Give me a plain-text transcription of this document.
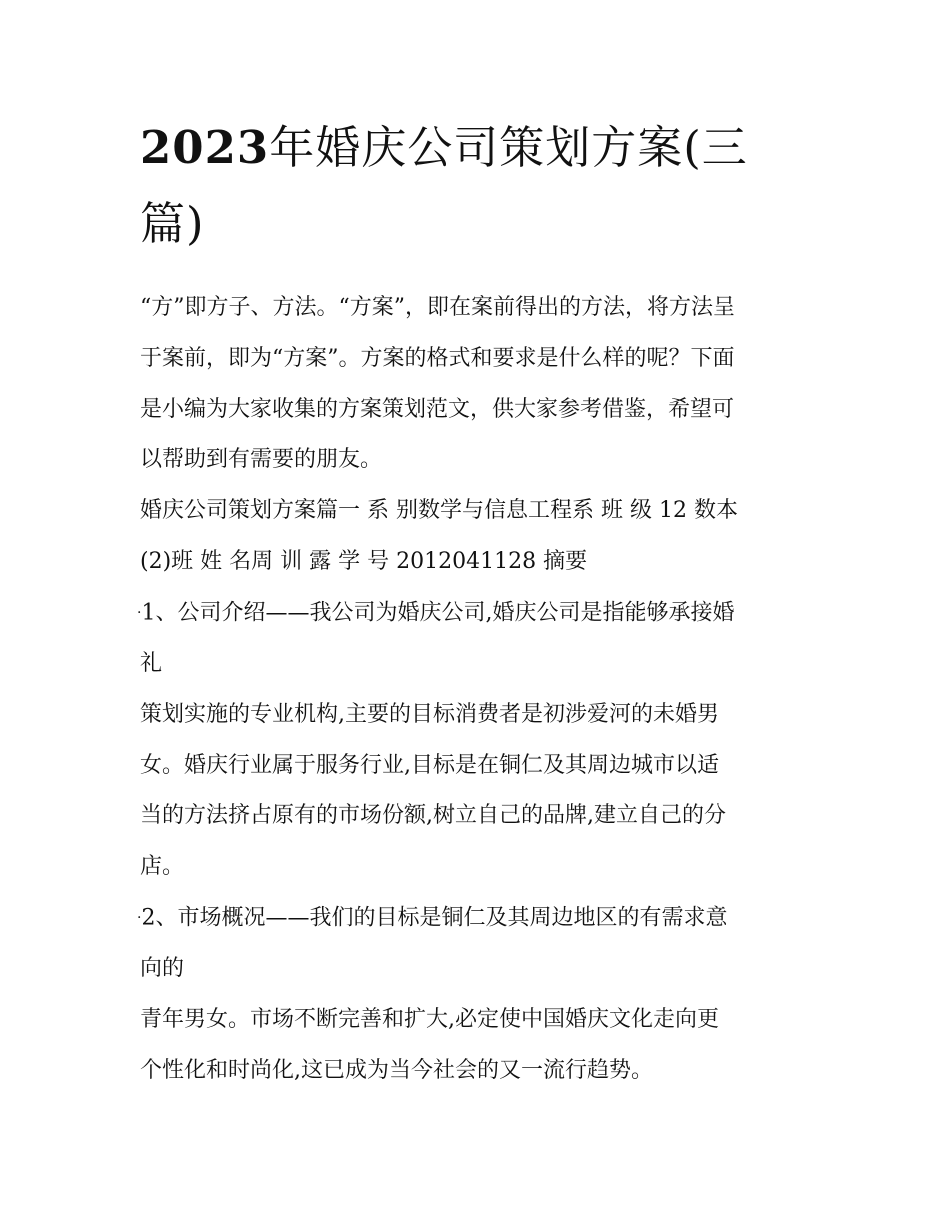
2023年婚庆公司策划方案(三
篇)
“方”即方子、方法。“方案”，即在案前得出的方法，将方法呈
于案前，即为“方案”。方案的格式和要求是什么样的呢？下面
是小编为大家收集的方案策划范文，供大家参考借鉴，希望可
以帮助到有需要的朋友。
婚庆公司策划方案篇一 系 别数学与信息工程系 班 级 12 数本
(2)班 姓 名周 训 露 学 号 2012041128 摘要
·1、公司介绍——我公司为婚庆公司,婚庆公司是指能够承接婚
礼
策划实施的专业机构,主要的目标消费者是初涉爱河的未婚男
女。婚庆行业属于服务行业,目标是在铜仁及其周边城市以适
当的方法挤占原有的市场份额,树立自己的品牌,建立自己的分
店。
·2、市场概况——我们的目标是铜仁及其周边地区的有需求意
向的
青年男女。市场不断完善和扩大,必定使中国婚庆文化走向更
个性化和时尚化,这已成为当今社会的又一流行趋势。
